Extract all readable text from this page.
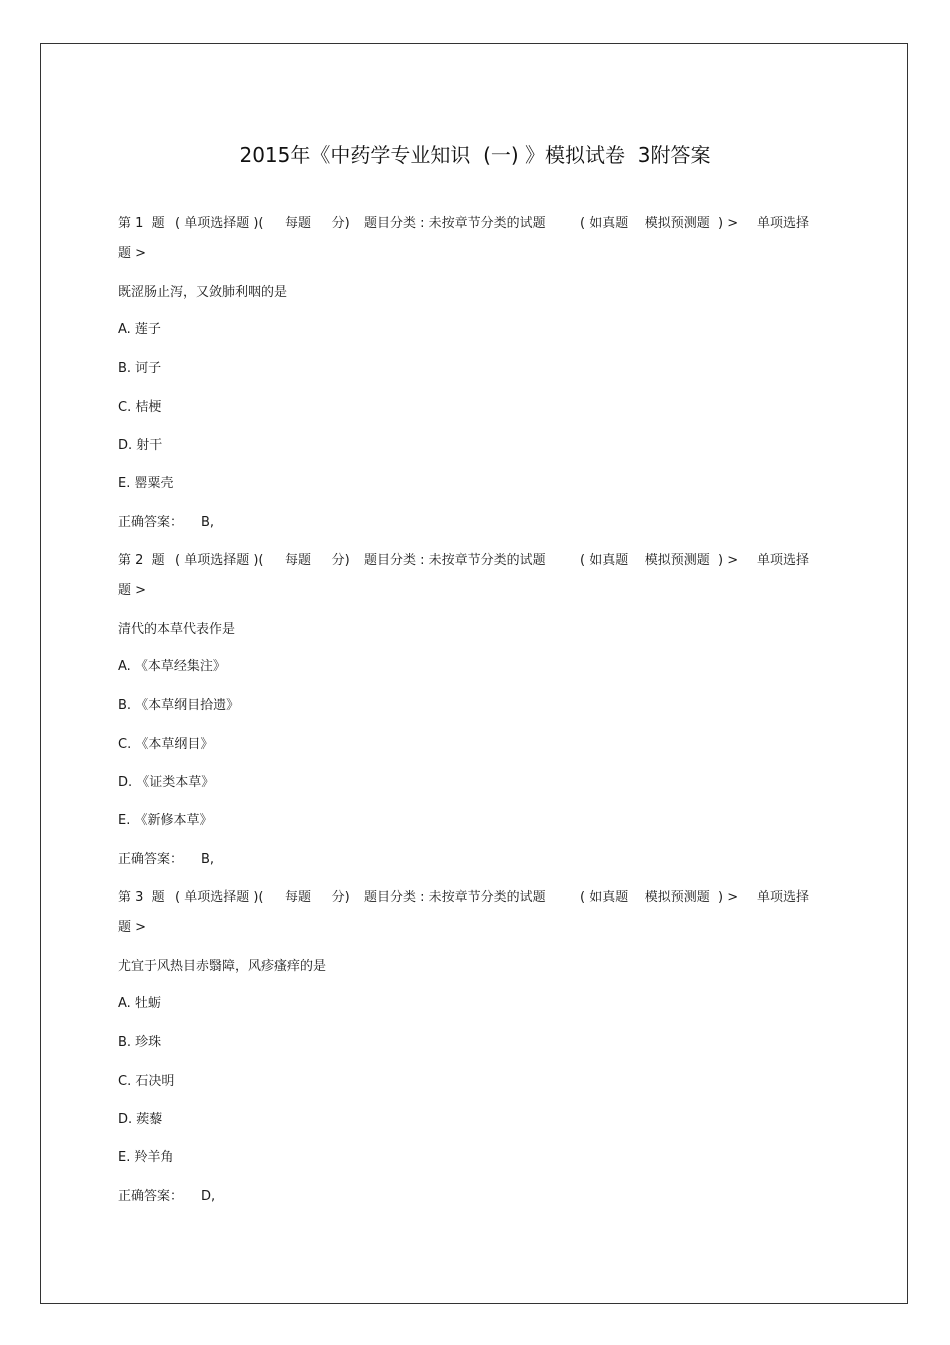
2015年《中药学专业知识  (一) 》模拟试卷  3附答案
第 1  题 ( 单项选择题 )( 每题     分) 题目分类 : 未按章节分类的试题	( 如真题    模拟预测题  ) > 单项选择
题 >
既涩肠止泻，又敛肺利咽的是
A. 莲子
B. 诃子
C. 桔梗
D. 射干
E. 罂粟壳
正确答案： B,
第 2  题 ( 单项选择题 )( 每题     分) 题目分类 : 未按章节分类的试题	( 如真题    模拟预测题  ) > 单项选择
题 >
清代的本草代表作是
A. 《本草经集注》
B. 《本草纲目拾遗》
C. 《本草纲目》
D. 《证类本草》
E. 《新修本草》
正确答案： B,
第 3  题 ( 单项选择题 )( 每题     分) 题目分类 : 未按章节分类的试题	( 如真题    模拟预测题  ) > 单项选择
题 >
尤宜于风热目赤翳障，风疹瘙痒的是
A. 牡蛎
B. 珍珠
C. 石决明
D. 蒺藜
E. 羚羊角
正确答案： D,
